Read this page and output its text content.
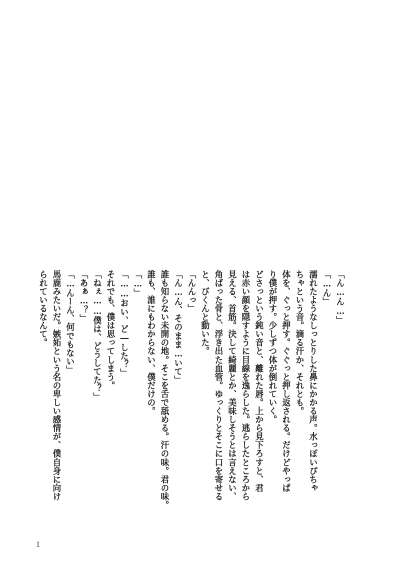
「ん…ん…」
「…ん」
濡れたようなしっとりした鼻にかかる声。水っぽいぴちゃ
ちゃという音。滴る汗か、それとも。
体を、ぐっと押す。ぐぐっと押し返される。だけどやっぱ
り僕が押す。少しずつ体が倒れていく。
どさっという鈍い音と、離れた唇。上から見下ろすと、君
は赤い顔を隠すように目線を逸らした。逃らしたところから
見える、首筋。決して綺麗とか、美味しそうとは言えない、
角ばった骨と、浮き出た血管。ゆっくりとそこに口を寄せる
と、びくんと動いた。
「んんっ」
「ん…ん、そのまま…いて」
誰も知らない未開の地。そこを舌で舐める。汗の味。君の味。
誰も、誰にもわからない、僕だけの。
「…」
「……おい、ど―した？」
それでも、僕は思ってしまう。
「ねぇ……僕は、どうしてた？」
「あぁ…？」
「…んーん、何でもない」
馬鹿みたいだ。嫉妬という名の卑しい感情が、僕自身に向け
られているなんて。
1
